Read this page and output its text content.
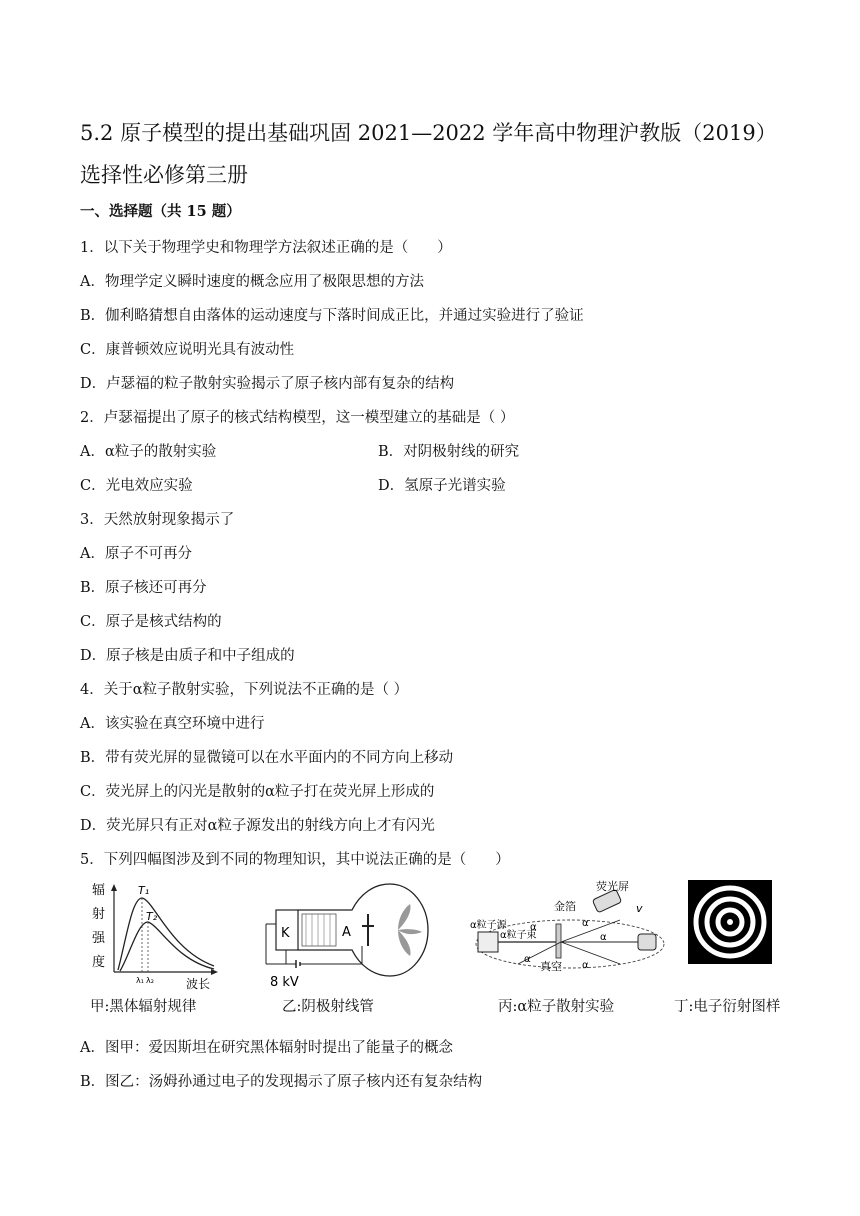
5.2 原子模型的提出基础巩固 2021—2022 学年高中物理沪教版（2019）
选择性必修第三册
一、选择题（共 15 题）
1．以下关于物理学史和物理学方法叙述正确的是（　　）
A．物理学定义瞬时速度的概念应用了极限思想的方法
B．伽利略猜想自由落体的运动速度与下落时间成正比，并通过实验进行了验证
C．康普顿效应说明光具有波动性
D．卢瑟福的粒子散射实验揭示了原子核内部有复杂的结构
2．卢瑟福提出了原子的核式结构模型，这一模型建立的基础是（ ）
A．α粒子的散射实验	B．对阴极射线的研究
C．光电效应实验	D．氢原子光谱实验
3．天然放射现象揭示了
A．原子不可再分
B．原子核还可再分
C．原子是核式结构的
D．原子核是由质子和中子组成的
4．关于α粒子散射实验，下列说法不正确的是（ ）
A．该实验在真空环境中进行
B．带有荧光屏的显微镜可以在水平面内的不同方向上移动
C．荧光屏上的闪光是散射的α粒子打在荧光屏上形成的
D．荧光屏只有正对α粒子源发出的射线方向上才有闪光
5．下列四幅图涉及到不同的物理知识，其中说法正确的是（　　）
辐
射
强
度
T₁
T₂
λ₁ λ₂	波长
甲:黑体辐射规律
K	A
8 kV
乙:阴极射线管
荧光屏
v
α粒子源
α粒子束
金箔
真空
α	α
α
α
α
丙:α粒子散射实验	丁:电子衍射图样
A．图甲：爱因斯坦在研究黑体辐射时提出了能量子的概念
B．图乙：汤姆孙通过电子的发现揭示了原子核内还有复杂结构
